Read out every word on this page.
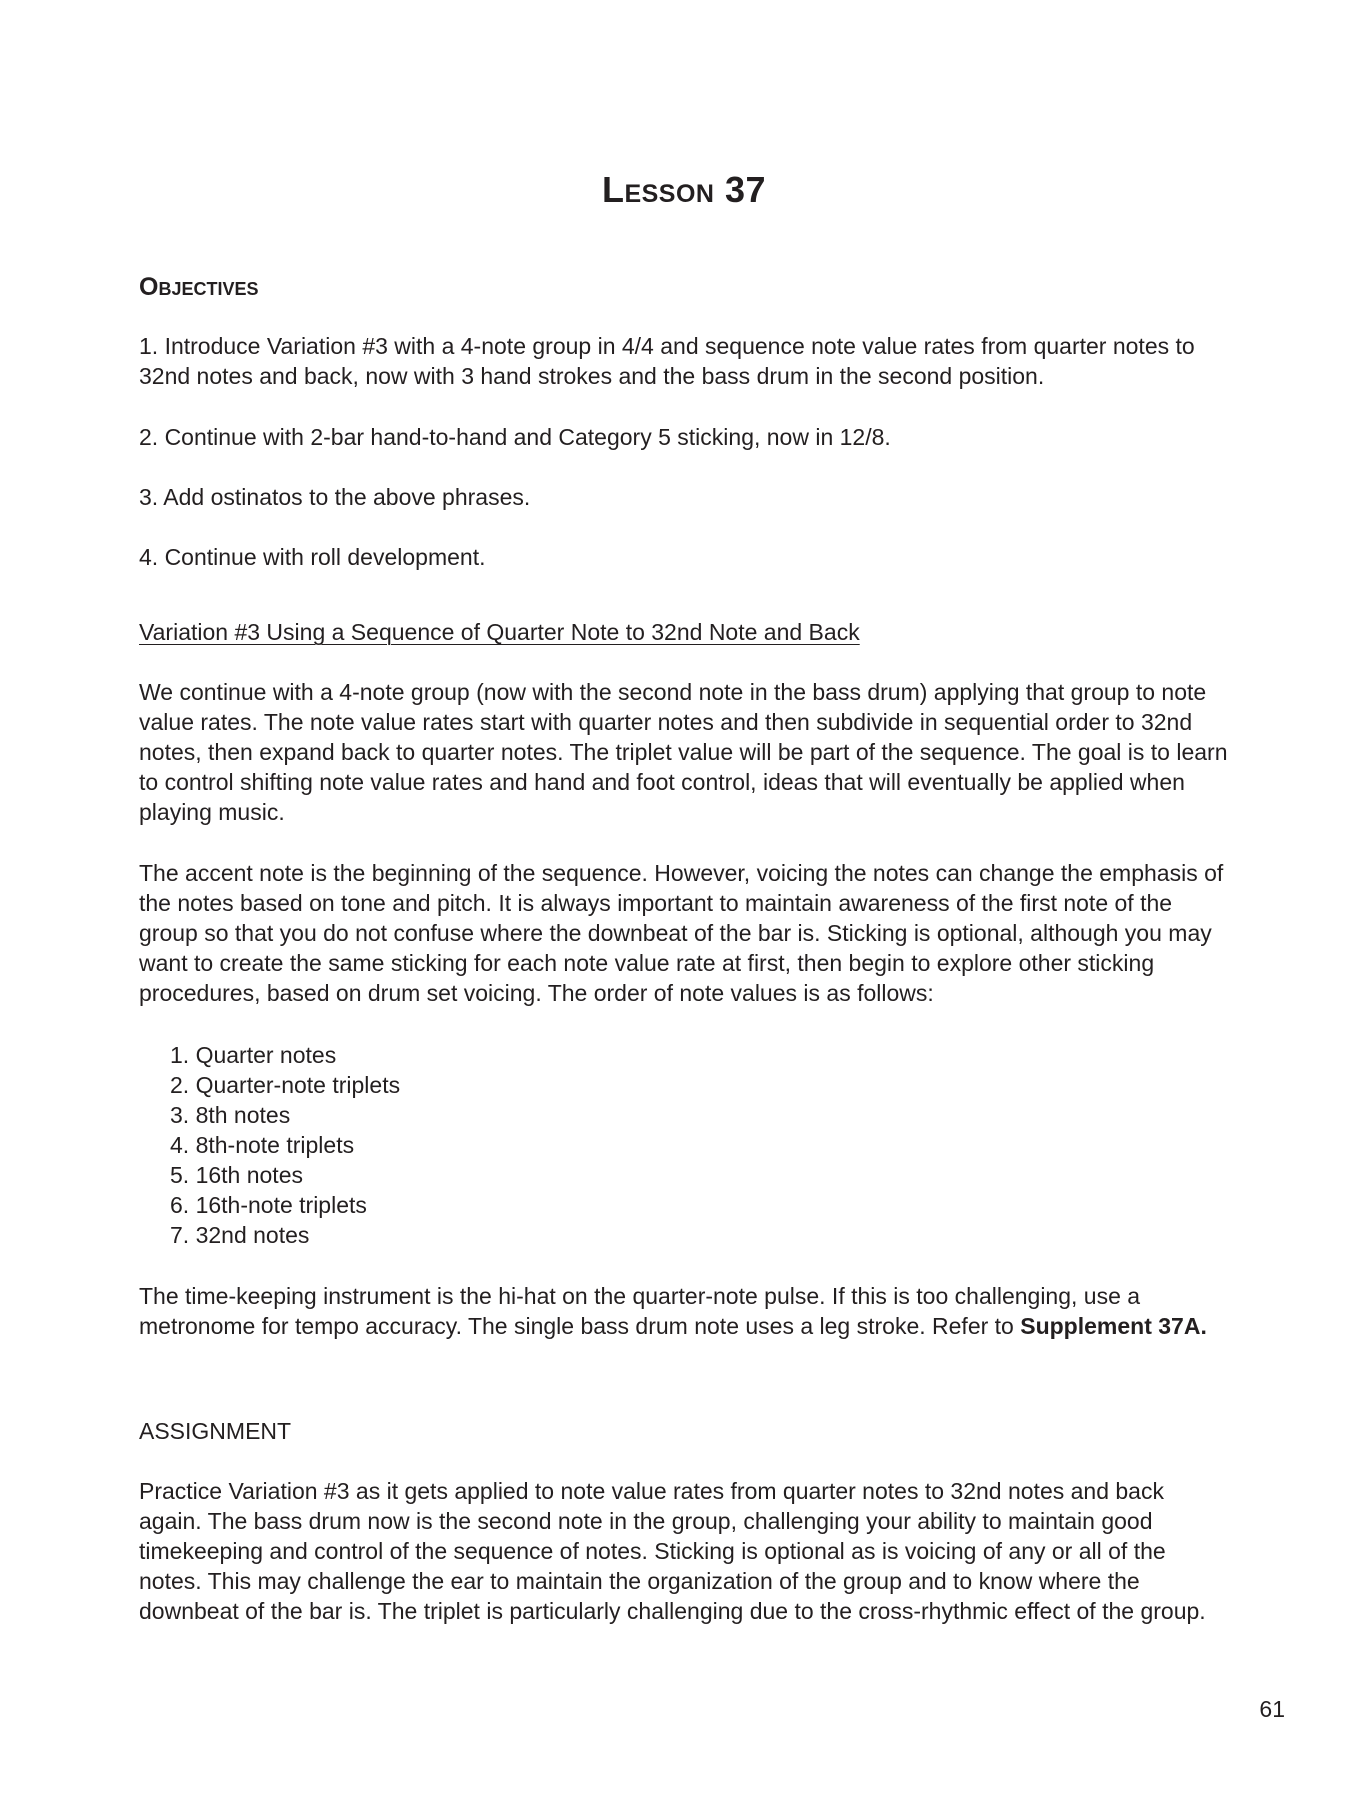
Lesson 37
Objectives

1. Introduce Variation #3 with a 4-note group in 4/4 and sequence note value rates from quarter notes to 32nd notes and back, now with 3 hand strokes and the bass drum in the second position.

2. Continue with 2-bar hand-to-hand and Category 5 sticking, now in 12/8.

3. Add ostinatos to the above phrases.

4. Continue with roll development.

Variation #3 Using a Sequence of Quarter Note to 32nd Note and Back

We continue with a 4-note group (now with the second note in the bass drum) applying that group to note value rates. The note value rates start with quarter notes and then subdivide in sequential order to 32nd notes, then expand back to quarter notes. The triplet value will be part of the sequence. The goal is to learn to control shifting note value rates and hand and foot control, ideas that will eventually be applied when playing music.

The accent note is the beginning of the sequence. However, voicing the notes can change the emphasis of the notes based on tone and pitch. It is always important to maintain awareness of the first note of the group so that you do not confuse where the downbeat of the bar is. Sticking is optional, although you may want to create the same sticking for each note value rate at first, then begin to explore other sticking procedures, based on drum set voicing. The order of note values is as follows:

1. Quarter notes
2. Quarter-note triplets
3. 8th notes
4. 8th-note triplets
5. 16th notes
6. 16th-note triplets
7. 32nd notes

The time-keeping instrument is the hi-hat on the quarter-note pulse. If this is too challenging, use a metronome for tempo accuracy. The single bass drum note uses a leg stroke. Refer to Supplement 37A.

ASSIGNMENT

Practice Variation #3 as it gets applied to note value rates from quarter notes to 32nd notes and back again. The bass drum now is the second note in the group, challenging your ability to maintain good timekeeping and control of the sequence of notes. Sticking is optional as is voicing of any or all of the notes. This may challenge the ear to maintain the organization of the group and to know where the downbeat of the bar is. The triplet is particularly challenging due to the cross-rhythmic effect of the group.

61
